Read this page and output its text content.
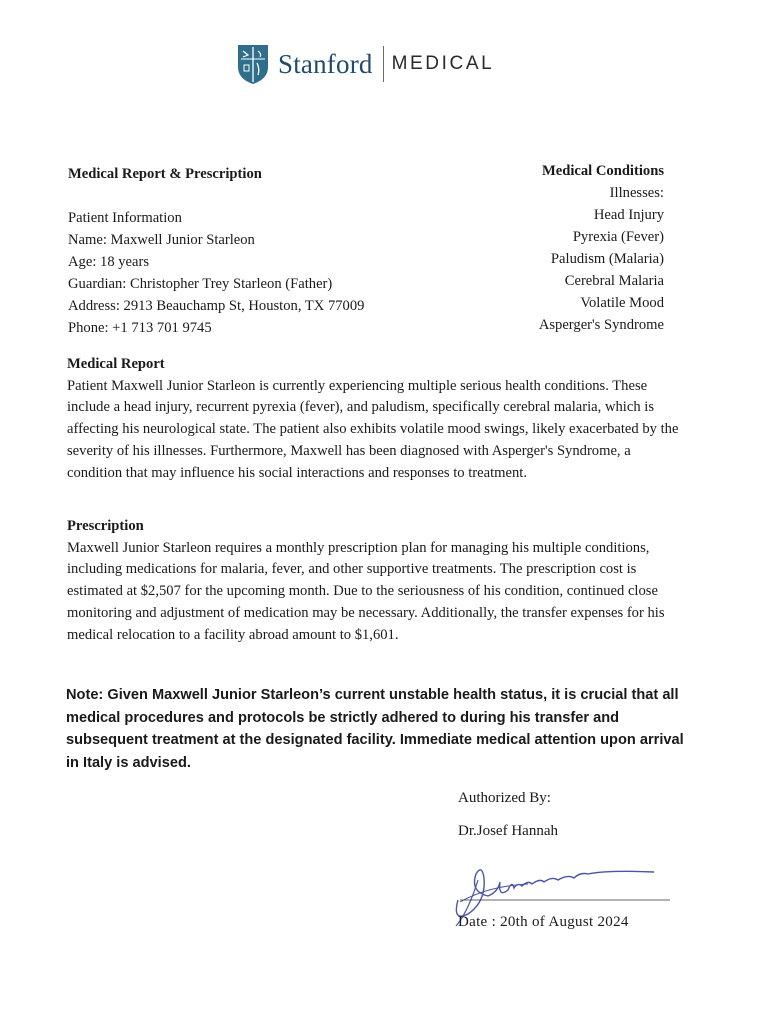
Stanford MEDICAL
Medical Report & Prescription
Patient Information
Name: Maxwell Junior Starleon
Age: 18 years
Guardian: Christopher Trey Starleon (Father)
Address: 2913 Beauchamp St, Houston, TX 77009
Phone: +1 713 701 9745
Medical Conditions
Illnesses:
Head Injury
Pyrexia (Fever)
Paludism (Malaria)
Cerebral Malaria
Volatile Mood
Asperger's Syndrome
Medical Report

Patient Maxwell Junior Starleon is currently experiencing multiple serious health conditions. These include a head injury, recurrent pyrexia (fever), and paludism, specifically cerebral malaria, which is affecting his neurological state. The patient also exhibits volatile mood swings, likely exacerbated by the severity of his illnesses. Furthermore, Maxwell has been diagnosed with Asperger's Syndrome, a condition that may influence his social interactions and responses to treatment.

Prescription

Maxwell Junior Starleon requires a monthly prescription plan for managing his multiple conditions, including medications for malaria, fever, and other supportive treatments. The prescription cost is estimated at $2,507 for the upcoming month. Due to the seriousness of his condition, continued close monitoring and adjustment of medication may be necessary. Additionally, the transfer expenses for his medical relocation to a facility abroad amount to $1,601.

Note: Given Maxwell Junior Starleon’s current unstable health status, it is crucial that all medical procedures and protocols be strictly adhered to during his transfer and subsequent treatment at the designated facility. Immediate medical attention upon arrival in Italy is advised.
Authorized By:
Dr.Josef Hannah
Date : 20th of August 2024
